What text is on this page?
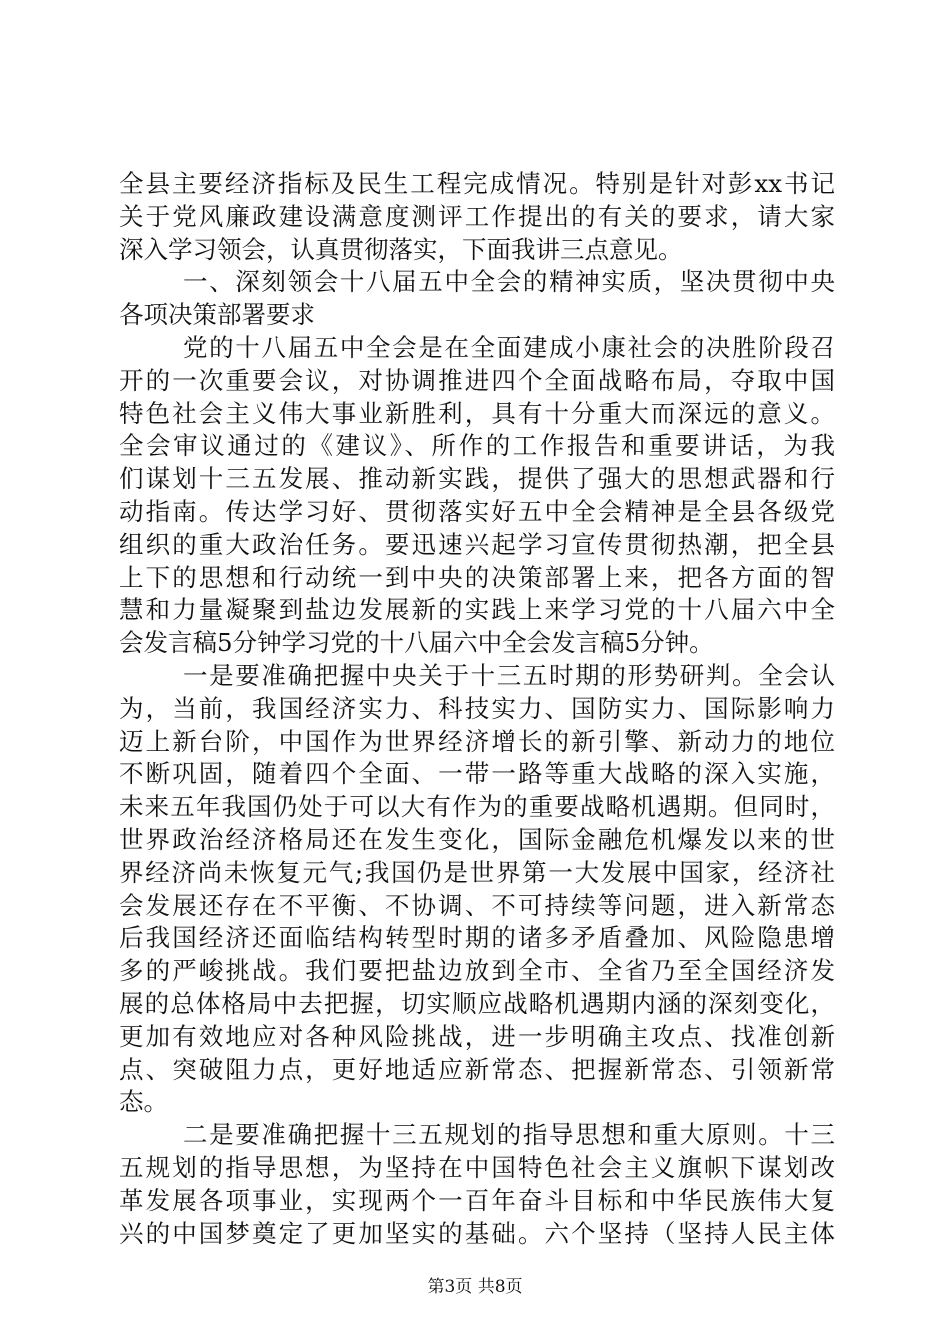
全县主要经济指标及民生工程完成情况。特别是针对彭xx书记
关于党风廉政建设满意度测评工作提出的有关的要求，请大家
深入学习领会，认真贯彻落实，下面我讲三点意见。
一、深刻领会十八届五中全会的精神实质，坚决贯彻中央
各项决策部署要求
党的十八届五中全会是在全面建成小康社会的决胜阶段召
开的一次重要会议，对协调推进四个全面战略布局，夺取中国
特色社会主义伟大事业新胜利，具有十分重大而深远的意义。
全会审议通过的《建议》、所作的工作报告和重要讲话，为我
们谋划十三五发展、推动新实践，提供了强大的思想武器和行
动指南。传达学习好、贯彻落实好五中全会精神是全县各级党
组织的重大政治任务。要迅速兴起学习宣传贯彻热潮，把全县
上下的思想和行动统一到中央的决策部署上来，把各方面的智
慧和力量凝聚到盐边发展新的实践上来学习党的十八届六中全
会发言稿5分钟学习党的十八届六中全会发言稿5分钟。
一是要准确把握中央关于十三五时期的形势研判。全会认
为，当前，我国经济实力、科技实力、国防实力、国际影响力
迈上新台阶，中国作为世界经济增长的新引擎、新动力的地位
不断巩固，随着四个全面、一带一路等重大战略的深入实施，
未来五年我国仍处于可以大有作为的重要战略机遇期。但同时，
世界政治经济格局还在发生变化，国际金融危机爆发以来的世
界经济尚未恢复元气;我国仍是世界第一大发展中国家，经济社
会发展还存在不平衡、不协调、不可持续等问题，进入新常态
后我国经济还面临结构转型时期的诸多矛盾叠加、风险隐患增
多的严峻挑战。我们要把盐边放到全市、全省乃至全国经济发
展的总体格局中去把握，切实顺应战略机遇期内涵的深刻变化，
更加有效地应对各种风险挑战，进一步明确主攻点、找准创新
点、突破阻力点，更好地适应新常态、把握新常态、引领新常
态。
二是要准确把握十三五规划的指导思想和重大原则。十三
五规划的指导思想，为坚持在中国特色社会主义旗帜下谋划改
革发展各项事业，实现两个一百年奋斗目标和中华民族伟大复
兴的中国梦奠定了更加坚实的基础。六个坚持（坚持人民主体
第3页 共8页
